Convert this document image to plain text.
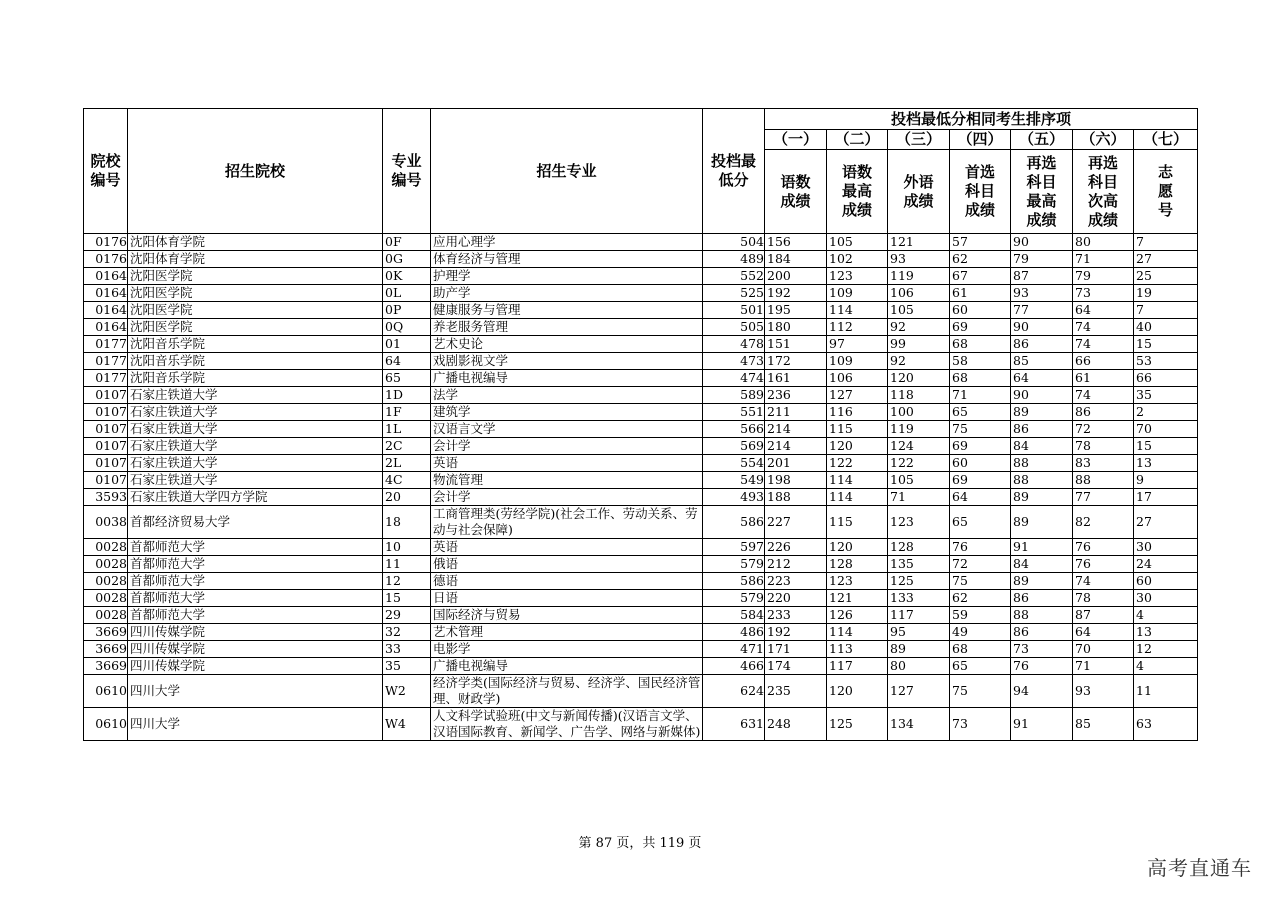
院校编号	招生院校	专业编号	招生专业	投档最低分	投档最低分相同考生排序项						
					（一）	（二）	（三）	（四）	（五）	（六）	（七）
					语数成绩	语数最高成绩	外语成绩	首选科目成绩	再选科目最高成绩	再选科目次高成绩	志愿号
0176	沈阳体育学院	0F	应用心理学	504	156	105	121	57	90	80	7
0176	沈阳体育学院	0G	体育经济与管理	489	184	102	93	62	79	71	27
0164	沈阳医学院	0K	护理学	552	200	123	119	67	87	79	25
0164	沈阳医学院	0L	助产学	525	192	109	106	61	93	73	19
0164	沈阳医学院	0P	健康服务与管理	501	195	114	105	60	77	64	7
0164	沈阳医学院	0Q	养老服务管理	505	180	112	92	69	90	74	40
0177	沈阳音乐学院	01	艺术史论	478	151	97	99	68	86	74	15
0177	沈阳音乐学院	64	戏剧影视文学	473	172	109	92	58	85	66	53
0177	沈阳音乐学院	65	广播电视编导	474	161	106	120	68	64	61	66
0107	石家庄铁道大学	1D	法学	589	236	127	118	71	90	74	35
0107	石家庄铁道大学	1F	建筑学	551	211	116	100	65	89	86	2
0107	石家庄铁道大学	1L	汉语言文学	566	214	115	119	75	86	72	70
0107	石家庄铁道大学	2C	会计学	569	214	120	124	69	84	78	15
0107	石家庄铁道大学	2L	英语	554	201	122	122	60	88	83	13
0107	石家庄铁道大学	4C	物流管理	549	198	114	105	69	88	88	9
3593	石家庄铁道大学四方学院	20	会计学	493	188	114	71	64	89	77	17
0038	首都经济贸易大学	18	工商管理类(劳经学院)(社会工作、劳动关系、劳动与社会保障)	586	227	115	123	65	89	82	27
0028	首都师范大学	10	英语	597	226	120	128	76	91	76	30
0028	首都师范大学	11	俄语	579	212	128	135	72	84	76	24
0028	首都师范大学	12	德语	586	223	123	125	75	89	74	60
0028	首都师范大学	15	日语	579	220	121	133	62	86	78	30
0028	首都师范大学	29	国际经济与贸易	584	233	126	117	59	88	87	4
3669	四川传媒学院	32	艺术管理	486	192	114	95	49	86	64	13
3669	四川传媒学院	33	电影学	471	171	113	89	68	73	70	12
3669	四川传媒学院	35	广播电视编导	466	174	117	80	65	76	71	4
0610	四川大学	W2	经济学类(国际经济与贸易、经济学、国民经济管理、财政学)	624	235	120	127	75	94	93	11
0610	四川大学	W4	人文科学试验班(中文与新闻传播)(汉语言文学、汉语国际教育、新闻学、广告学、网络与新媒体)	631	248	125	134	73	91	85	63
第 87 页，共 119 页
高考直通车
